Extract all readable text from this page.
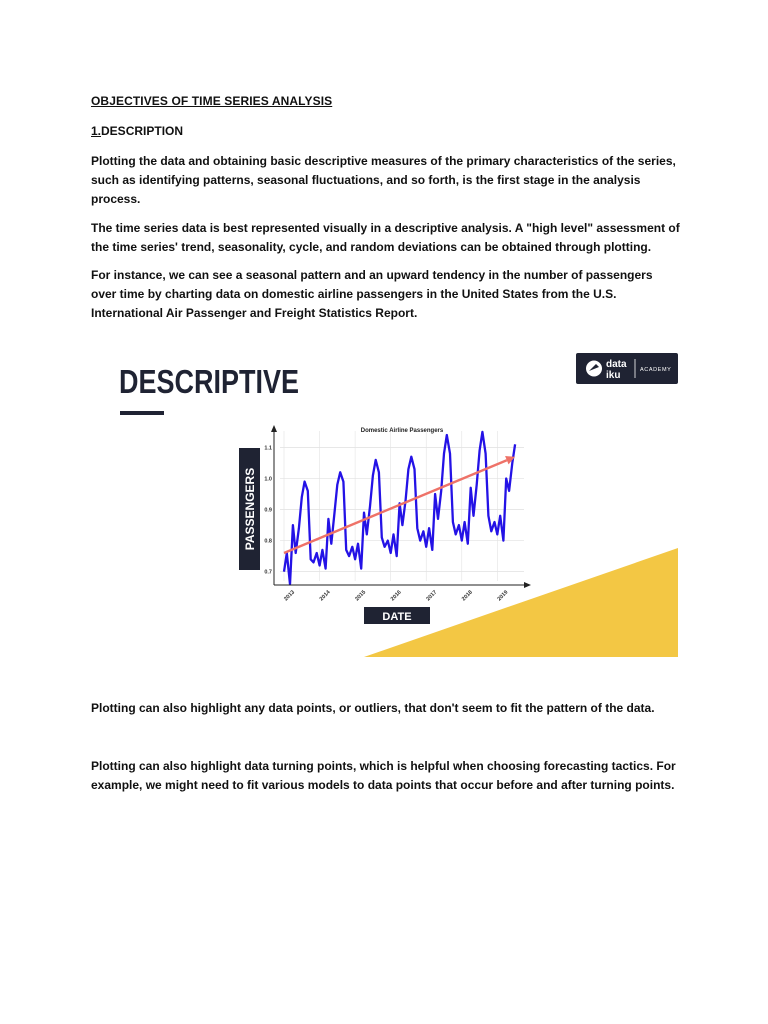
OBJECTIVES OF TIME SERIES ANALYSIS

1.DESCRIPTION

Plotting the data and obtaining basic descriptive measures of the primary characteristics of the series, such as identifying patterns, seasonal fluctuations, and so forth, is the first stage in the analysis process.

The time series data is best represented visually in a descriptive analysis. A "high level" assessment of the time series' trend, seasonality, cycle, and random deviations can be obtained through plotting.

For instance, we can see a seasonal pattern and an upward tendency in the number of passengers over time by charting data on domestic airline passengers in the United States from the U.S. International Air Passenger and Freight Statistics Report.

DESCRIPTIVE	data
iku	ACADEMY
Domestic Airline Passengers
0.7
0.8
0.9
1.0
1.1
2013	2014	2015	2016	2017	2018	2019
PASSENGERS
DATE

Plotting can also highlight any data points, or outliers, that don't seem to fit the pattern of the data.

Plotting can also highlight data turning points, which is helpful when choosing forecasting tactics. For example, we might need to fit various models to data points that occur before and after turning points.
